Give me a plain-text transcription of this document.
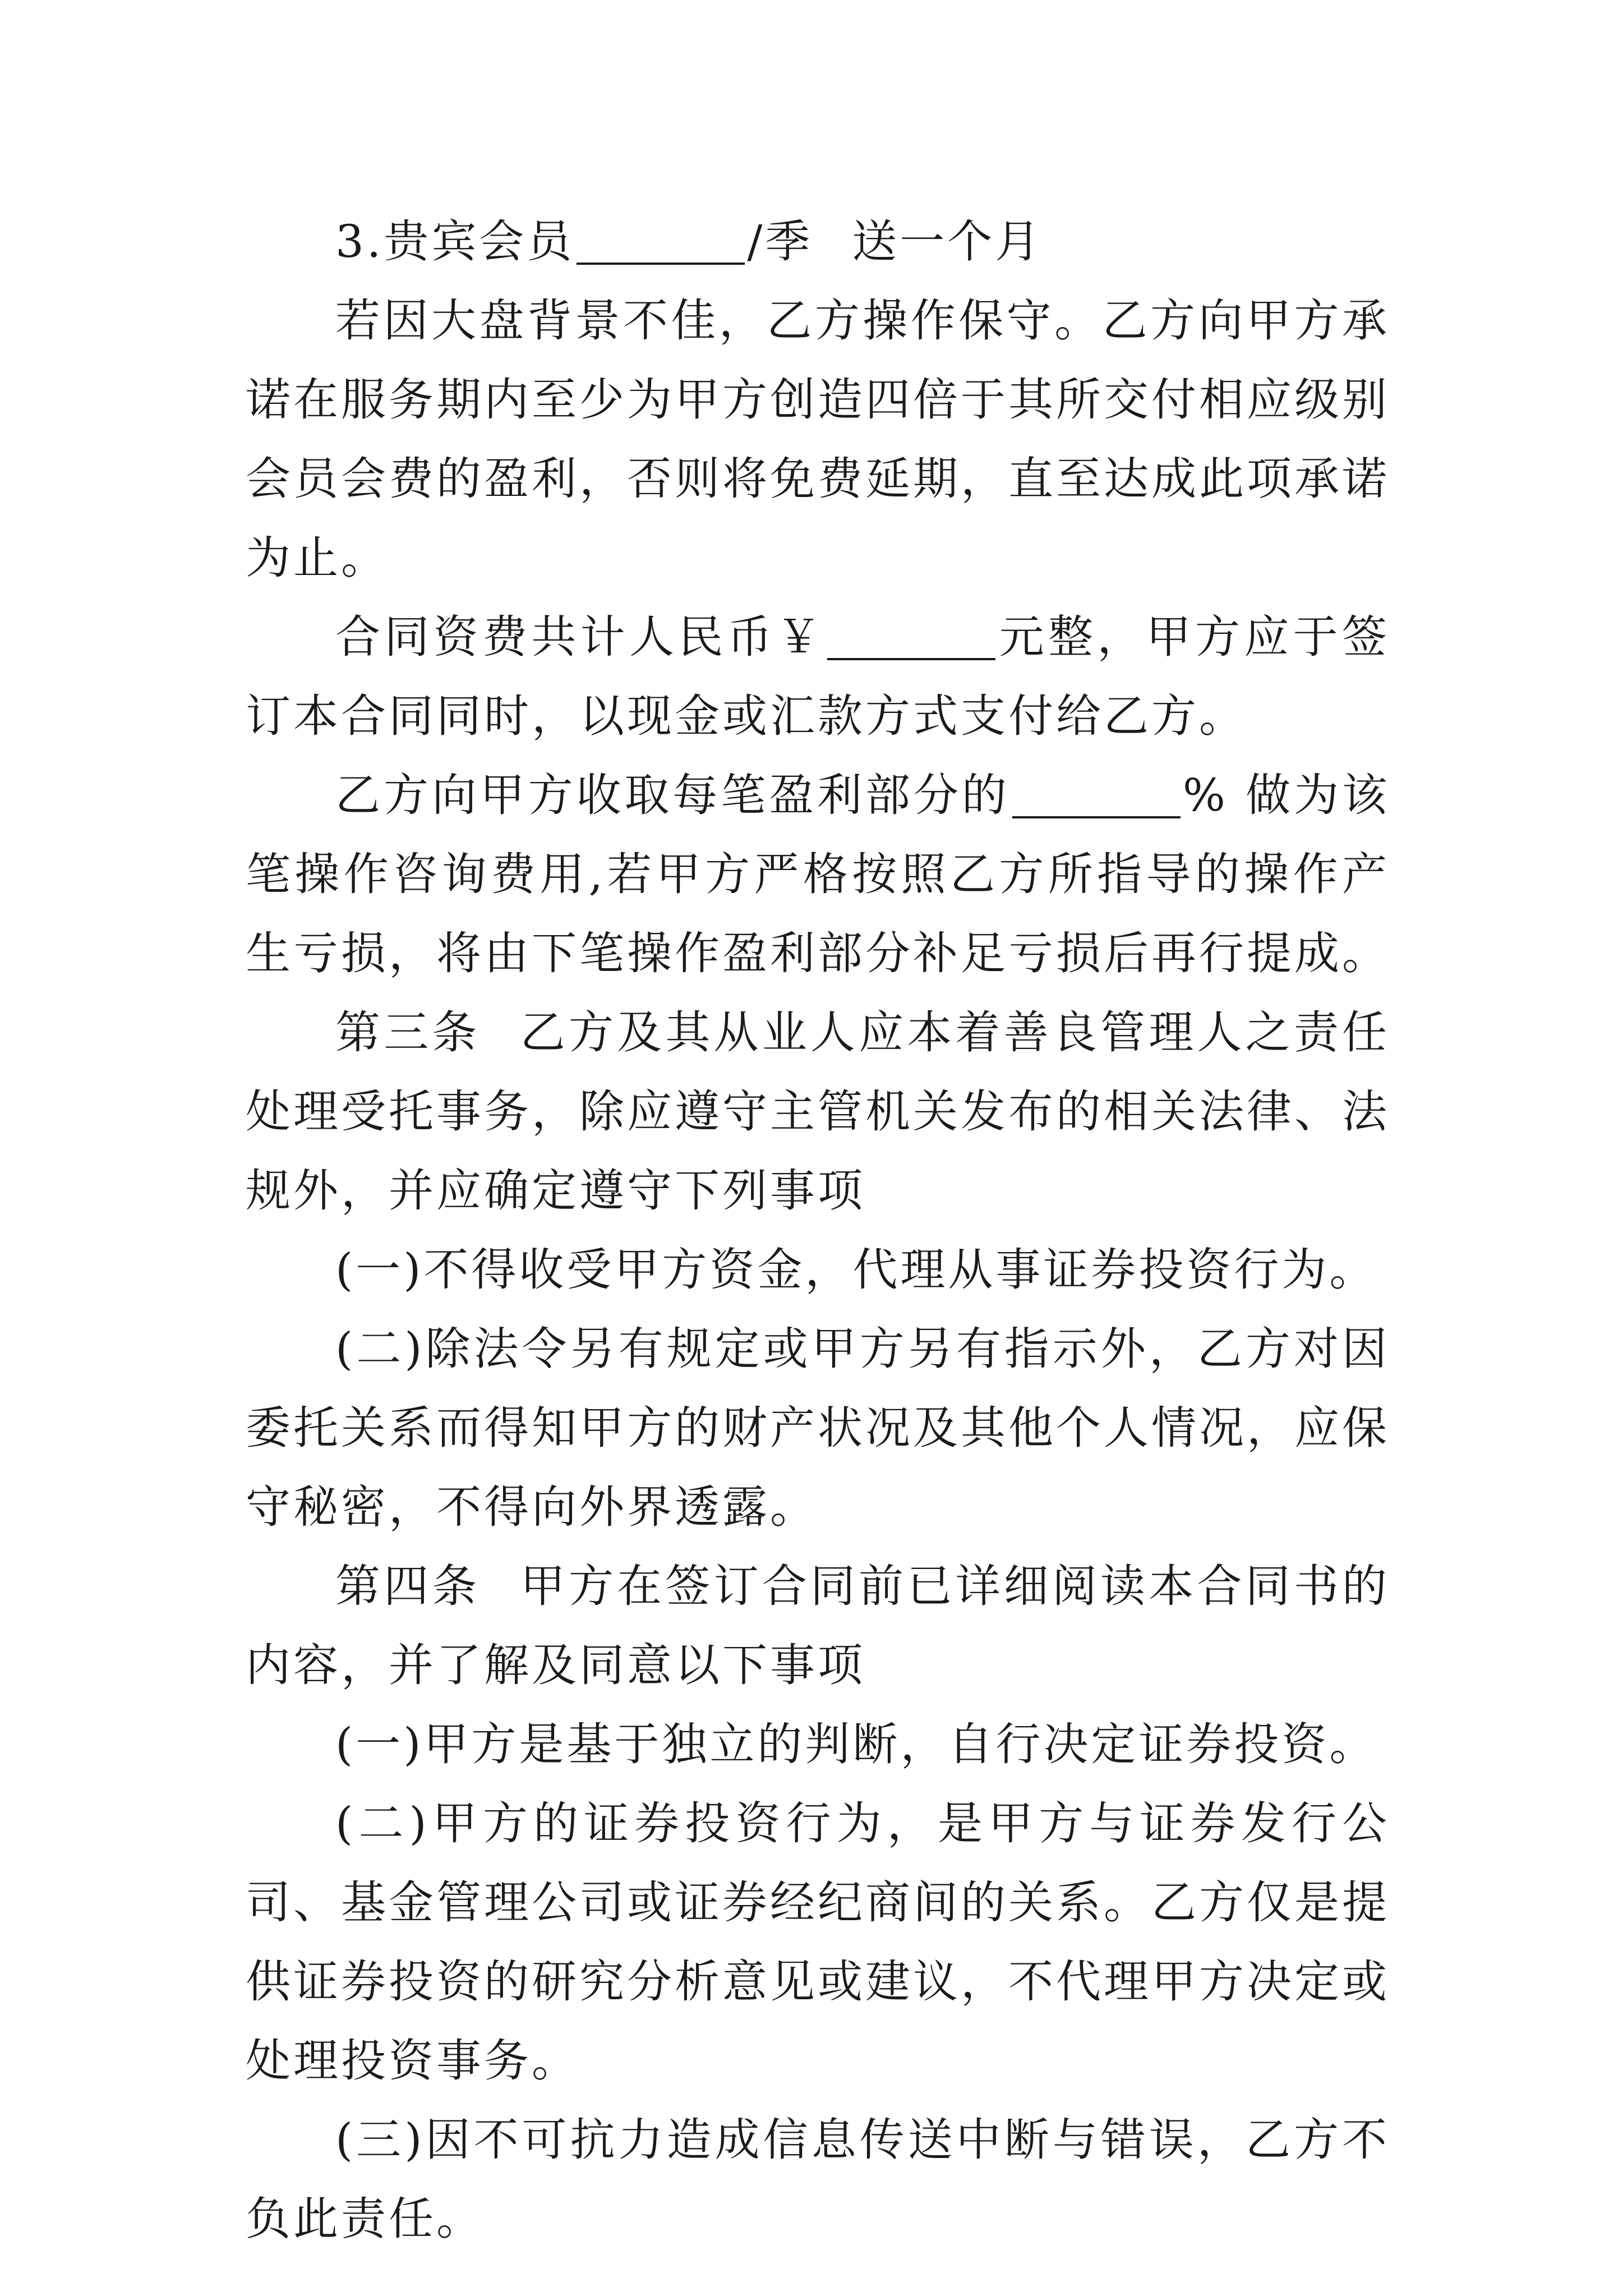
3.贵宾会员	/季 送一个月

若因大盘背景不佳，乙方操作保守。乙方向甲方承诺在服务期内至少为甲方创造四倍于其所交付相应级别会员会费的盈利，否则将免费延期，直至达成此项承诺为止。

合同资费共计人民币￥	元整，甲方应于签订本合同同时，以现金或汇款方式支付给乙方。

乙方向甲方收取每笔盈利部分的	% 做为该笔操作咨询费用,若甲方严格按照乙方所指导的操作产生亏损，将由下笔操作盈利部分补足亏损后再行提成。

第三条 乙方及其从业人应本着善良管理人之责任处理受托事务，除应遵守主管机关发布的相关法律、法规外，并应确定遵守下列事项

(一)不得收受甲方资金，代理从事证券投资行为。

(二)除法令另有规定或甲方另有指示外，乙方对因委托关系而得知甲方的财产状况及其他个人情况，应保守秘密，不得向外界透露。

第四条 甲方在签订合同前已详细阅读本合同书的内容，并了解及同意以下事项

(一)甲方是基于独立的判断，自行决定证券投资。

(二)甲方的证券投资行为，是甲方与证券发行公司、基金管理公司或证券经纪商间的关系。乙方仅是提供证券投资的研究分析意见或建议，不代理甲方决定或处理投资事务。

(三)因不可抗力造成信息传送中断与错误，乙方不负此责任。
